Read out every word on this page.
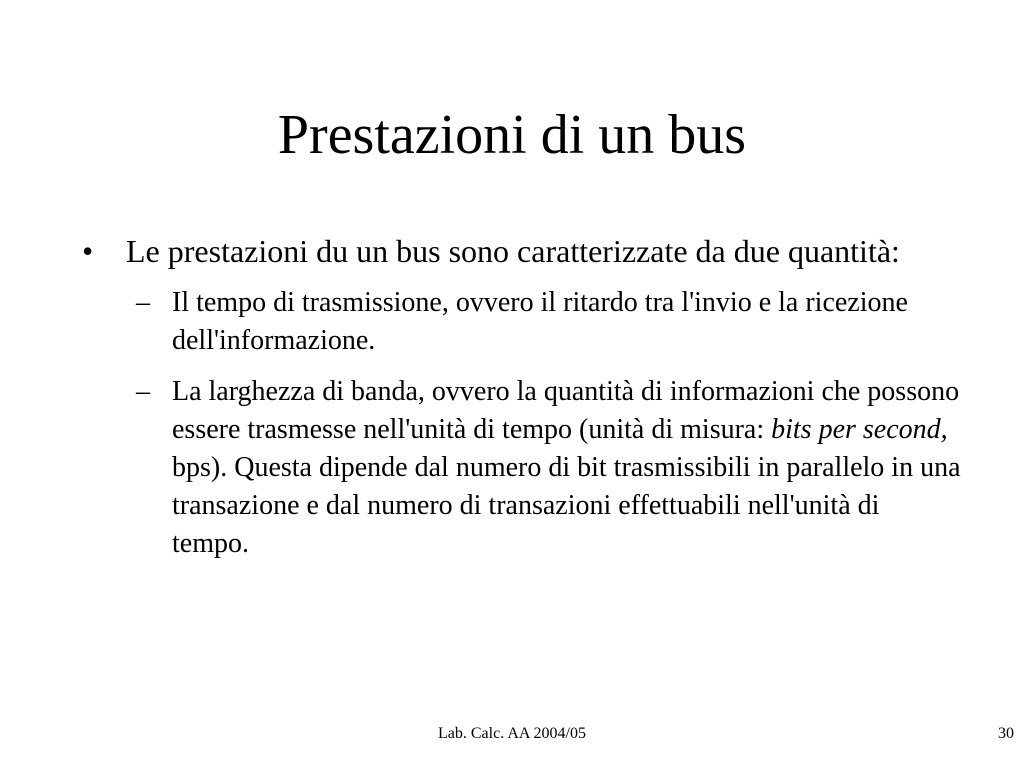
Prestazioni di un bus

• Le prestazioni du un bus sono caratterizzate da due quantità:

– Il tempo di trasmissione, ovvero il ritardo tra l'invio e la ricezione dell'informazione.

– La larghezza di banda, ovvero la quantità di informazioni che possono essere trasmesse nell'unità di tempo (unità di misura: bits per second, bps). Questa dipende dal numero di bit trasmissibili in parallelo in una transazione e dal numero di transazioni effettuabili nell'unità di tempo.

Lab. Calc. AA 2004/05	30
